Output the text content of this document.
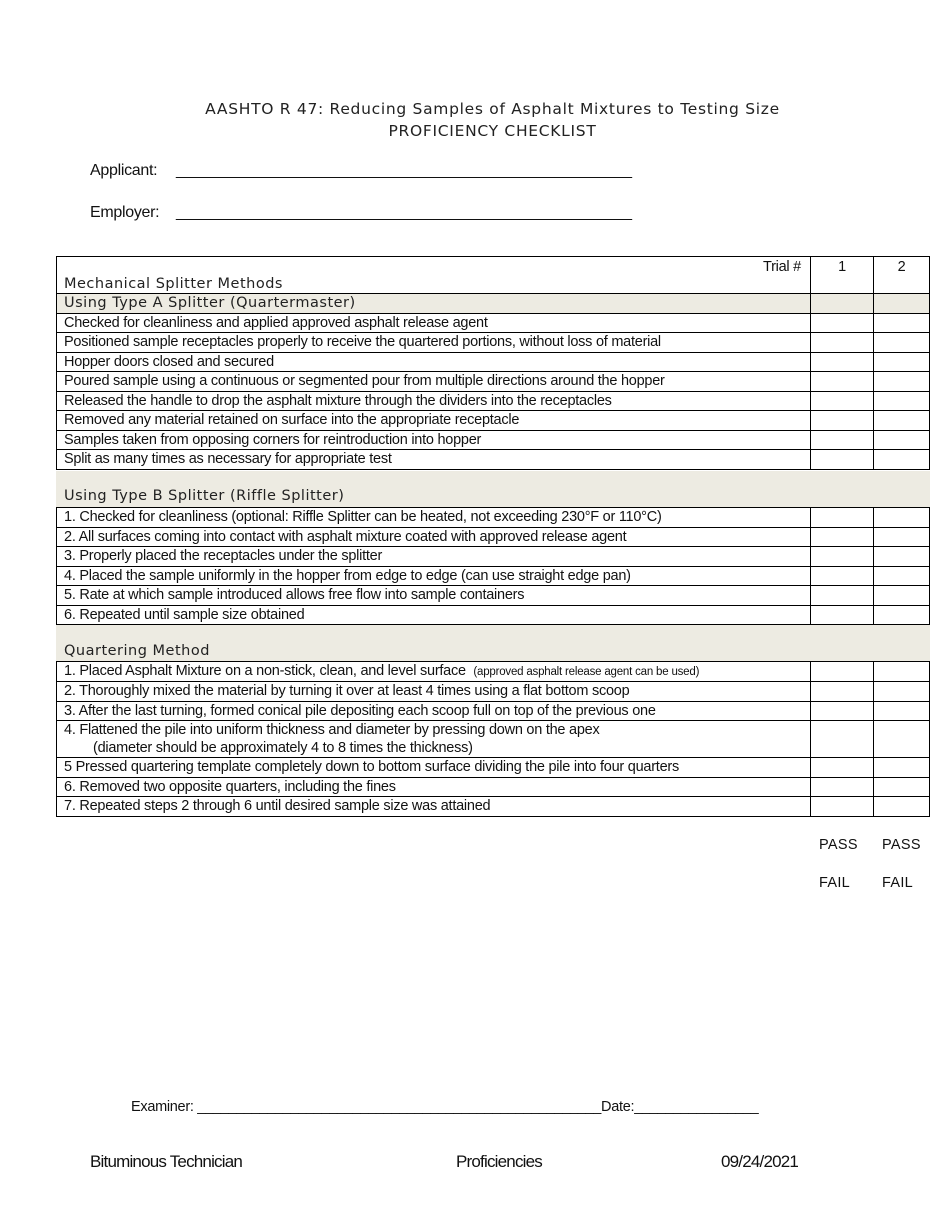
AASHTO R 47: Reducing Samples of Asphalt Mixtures to Testing Size
PROFICIENCY CHECKLIST
Applicant: _____________________________________________________
Employer: _____________________________________________________
Trial #
Mechanical Splitter Methods	1	2
Using Type A Splitter (Quartermaster)		
Checked for cleanliness and applied approved asphalt release agent		
Positioned sample receptacles properly to receive the quartered portions, without loss of material		
Hopper doors closed and secured		
Poured sample using a continuous or segmented pour from multiple directions around the hopper		
Released the handle to drop the asphalt mixture through the dividers into the receptacles		
Removed any material retained on surface into the appropriate receptacle		
Samples taken from opposing corners for reintroduction into hopper		
Split as many times as necessary for appropriate test		
Using Type B Splitter (Riffle Splitter)
1. Checked for cleanliness (optional: Riffle Splitter can be heated, not exceeding 230°F or 110°C)		
2. All surfaces coming into contact with asphalt mixture coated with approved release agent		
3. Properly placed the receptacles under the splitter		
4. Placed the sample uniformly in the hopper from edge to edge (can use straight edge pan)		
5. Rate at which sample introduced allows free flow into sample containers		
6. Repeated until sample size obtained		
Quartering Method
1. Placed Asphalt Mixture on a non-stick, clean, and level surface (approved asphalt release agent can be used)		
2. Thoroughly mixed the material by turning it over at least 4 times using a flat bottom scoop		
3. After the last turning, formed conical pile depositing each scoop full on top of the previous one		

4. Flattened the pile into uniform thickness and diameter by pressing down on the apex
(diameter should be approximately 4 to 8 times the thickness)		

5 Pressed quartering template completely down to bottom surface dividing the pile into four quarters		
6. Removed two opposite quarters, including the fines		
7. Repeated steps 2 through 6 until desired sample size was attained		
PASS PASS
FAIL FAIL
Examiner: ____________________________________________________Date:________________
Bituminous Technician	Proficiencies	09/24/2021
